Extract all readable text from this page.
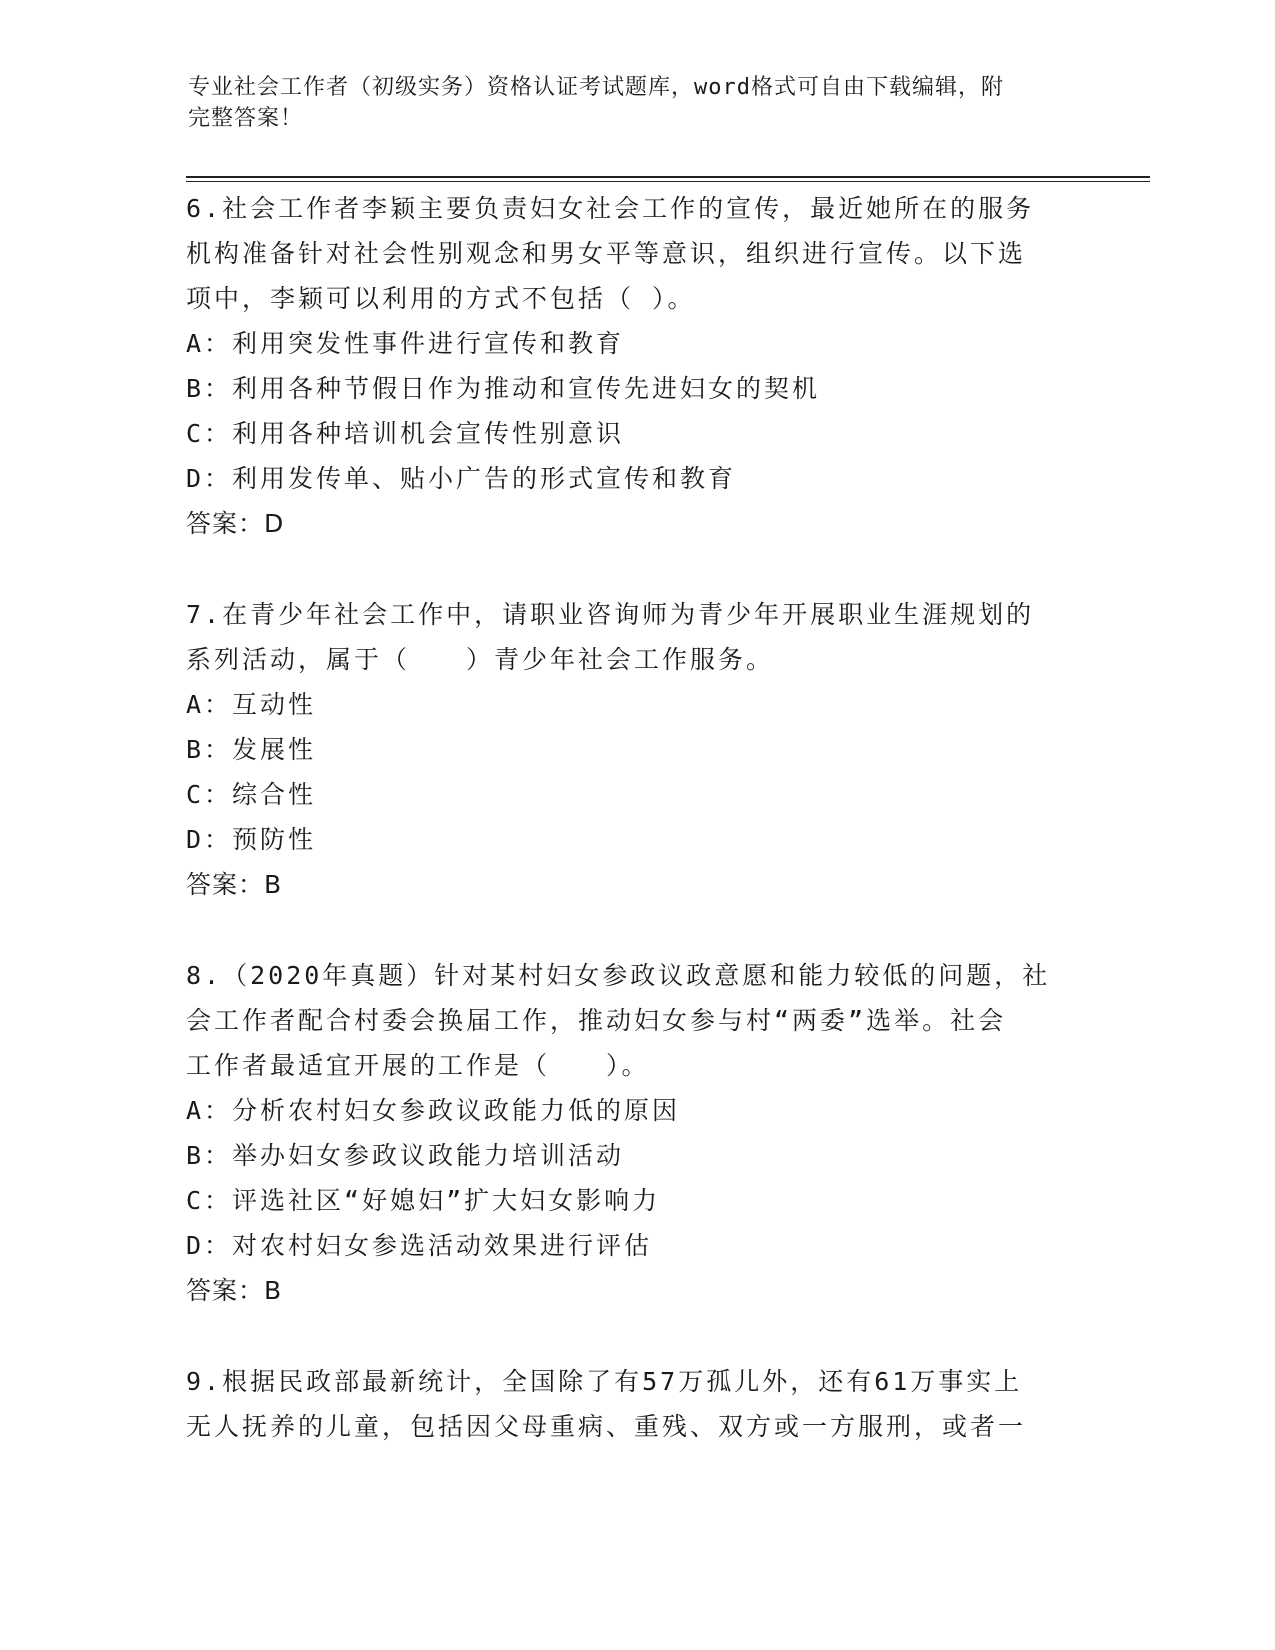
专业社会工作者（初级实务）资格认证考试题库，word格式可自由下载编辑，附
完整答案！

6.社会工作者李颖主要负责妇女社会工作的宣传，最近她所在的服务

机构准备针对社会性别观念和男女平等意识，组织进行宣传。以下选

项中，李颖可以利用的方式不包括（ ）。

A：利用突发性事件进行宣传和教育

B：利用各种节假日作为推动和宣传先进妇女的契机

C：利用各种培训机会宣传性别意识

D：利用发传单、贴小广告的形式宣传和教育

答案：D

7.在青少年社会工作中，请职业咨询师为青少年开展职业生涯规划的

系列活动，属于（　　）青少年社会工作服务。

A：互动性

B：发展性

C：综合性

D：预防性

答案：B

8.（2020年真题）针对某村妇女参政议政意愿和能力较低的问题，社

会工作者配合村委会换届工作，推动妇女参与村“两委”选举。社会

工作者最适宜开展的工作是（　　）。

A：分析农村妇女参政议政能力低的原因

B：举办妇女参政议政能力培训活动

C：评选社区“好媳妇”扩大妇女影响力

D：对农村妇女参选活动效果进行评估

答案：B

9.根据民政部最新统计，全国除了有57万孤儿外，还有61万事实上

无人抚养的儿童，包括因父母重病、重残、双方或一方服刑，或者一
